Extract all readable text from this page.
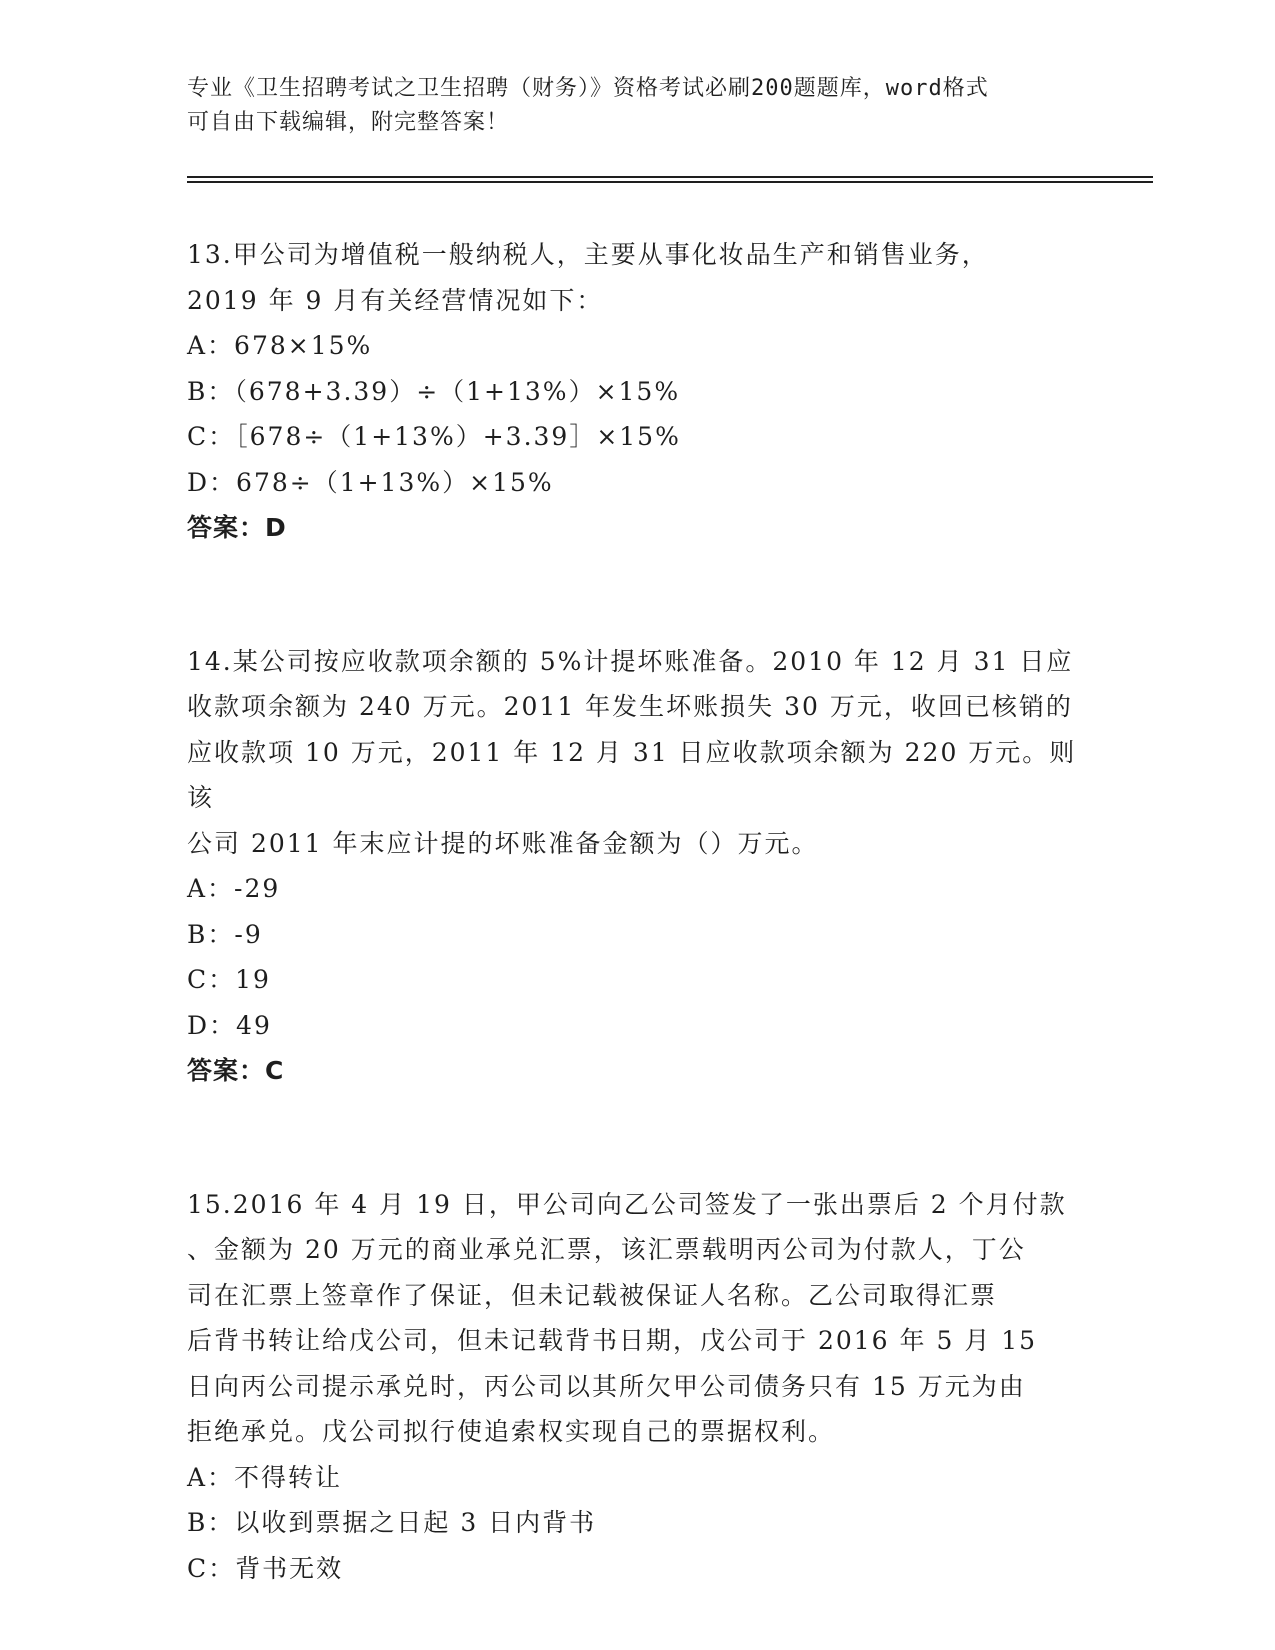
专业《卫生招聘考试之卫生招聘（财务）》资格考试必刷200题题库，word格式
可自由下载编辑，附完整答案！

13.甲公司为增值税一般纳税人，主要从事化妆品生产和销售业务，

2019 年 9 月有关经营情况如下：

A：678×15%

B：（678+3.39）÷（1+13%）×15%

C：［678÷（1+13%）+3.39］×15%

D：678÷（1+13%）×15%

答案：D

14.某公司按应收款项余额的 5%计提坏账准备。2010 年 12 月 31 日应

收款项余额为 240 万元。2011 年发生坏账损失 30 万元，收回已核销的

应收款项 10 万元，2011 年 12 月 31 日应收款项余额为 220 万元。则该

公司 2011 年末应计提的坏账准备金额为（）万元。

A：-29

B：-9

C：19

D：49

答案：C

15.2016 年 4 月 19 日，甲公司向乙公司签发了一张出票后 2 个月付款

、金额为 20 万元的商业承兑汇票，该汇票载明丙公司为付款人，丁公

司在汇票上签章作了保证，但未记载被保证人名称。乙公司取得汇票

后背书转让给戊公司，但未记载背书日期，戊公司于 2016 年 5 月 15

日向丙公司提示承兑时，丙公司以其所欠甲公司债务只有 15 万元为由

拒绝承兑。戊公司拟行使追索权实现自己的票据权利。

A：不得转让

B：以收到票据之日起 3 日内背书

C：背书无效
